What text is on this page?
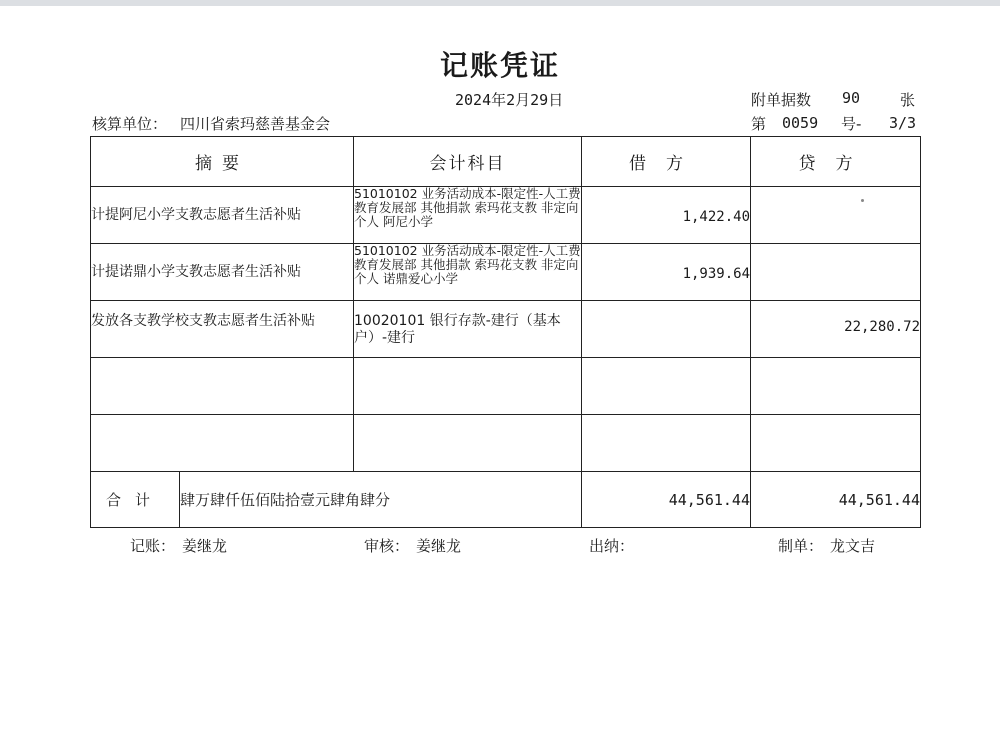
记账凭证
2024年2月29日	附单据数 90	张
核算单位： 四川省索玛慈善基金会	第 0059 号- 3/3
摘要		会计科目	借方	贷方
计提阿尼小学支教志愿者生活补贴		51010102 业务活动成本-限定性-人工费 教育发展部 其他捐款 索玛花支教 非定向 个人 阿尼小学	1,422.40	
计提诺鼎小学支教志愿者生活补贴		51010102 业务活动成本-限定性-人工费 教育发展部 其他捐款 索玛花支教 非定向 个人 诺鼎爱心小学	1,939.64	
发放各支教学校支教志愿者生活补贴		10020101 银行存款-建行（基本户）-建行		22,280.72

合计	肆万肆仟伍佰陆拾壹元肆角肆分		44,561.44	44,561.44
记账： 姜继龙	审核： 姜继龙	出纳：	制单： 龙文吉
